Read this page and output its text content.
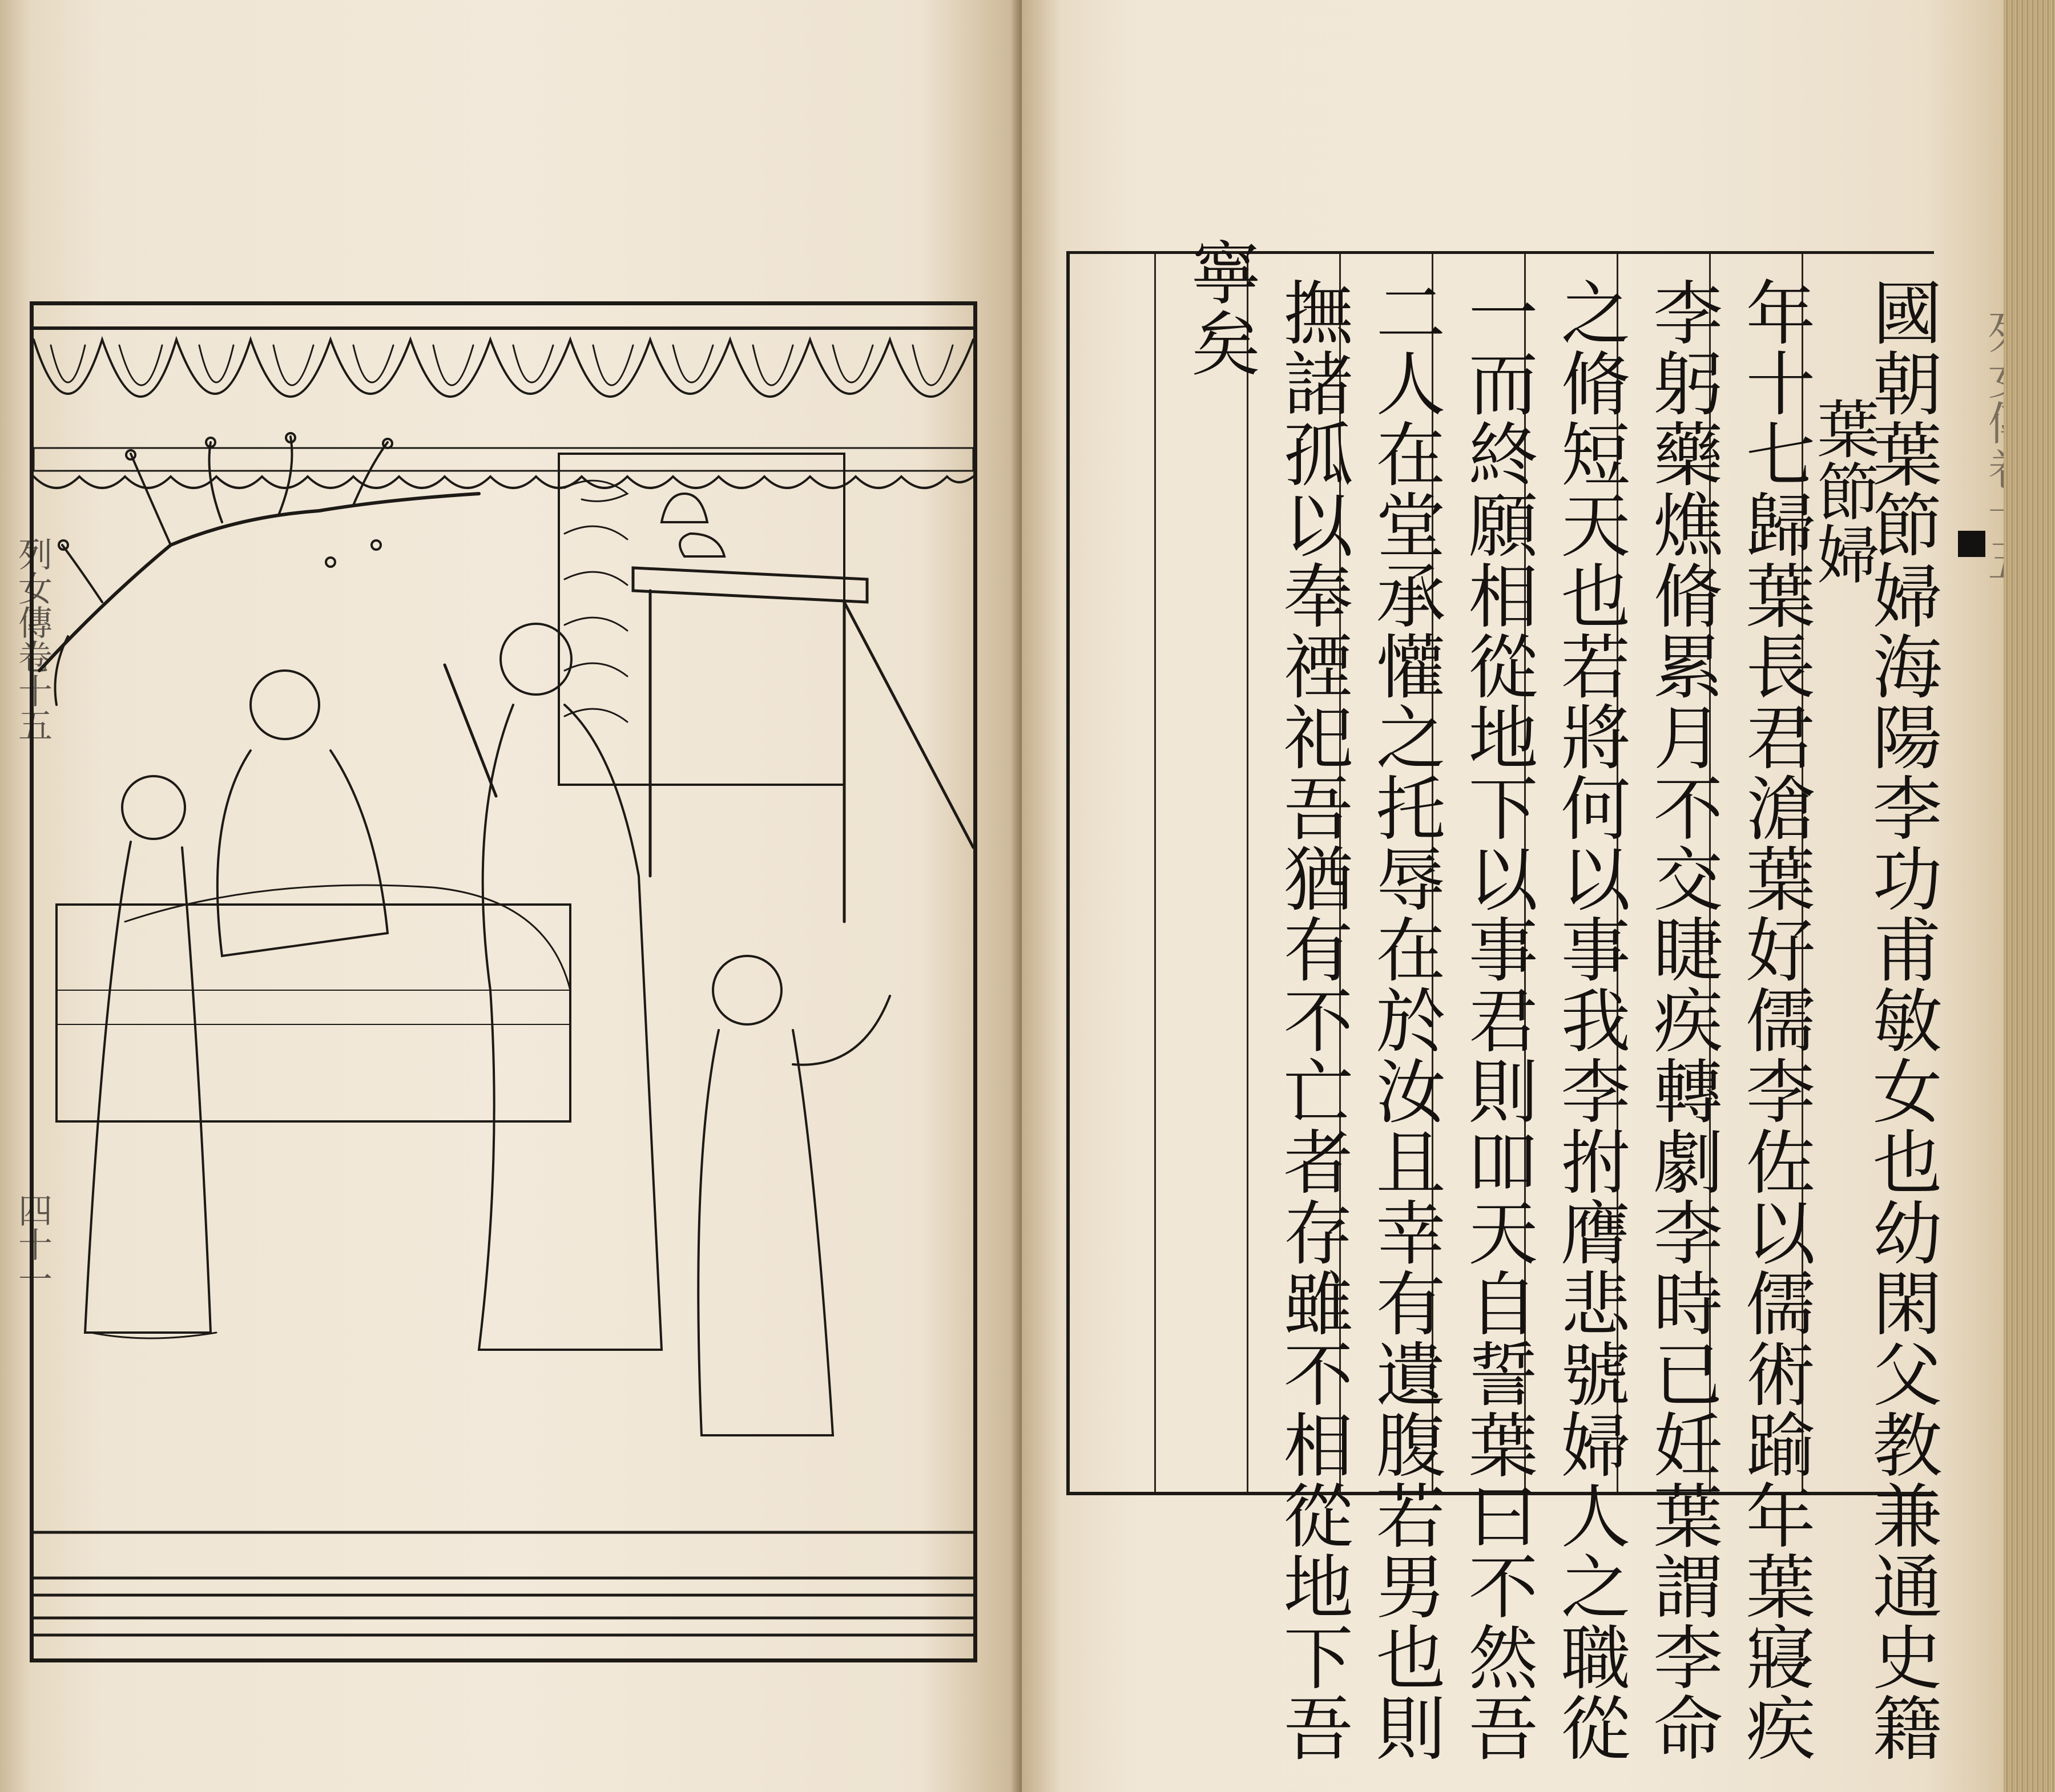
列女傳卷十五
四十一	國朝葉節婦海陽李功甫敏女也幼閑父教兼通史籍
葉節婦
年十七歸葉長君滄葉好儒李佐以儒術踰年葉寢疾
李躬藥燋脩累月不交睫疾轉劇李時已妊葉謂李命
之脩短天也若將何以事我李拊膺悲號婦人之職從
一而終願相從地下以事君則吅天自誓葉曰不然吾
二人在堂承懽之托辱在於汝且幸有遺腹若男也則
撫諸孤以奉禋祀吾猶有不亡者存雖不相從地下吾
寧矣
